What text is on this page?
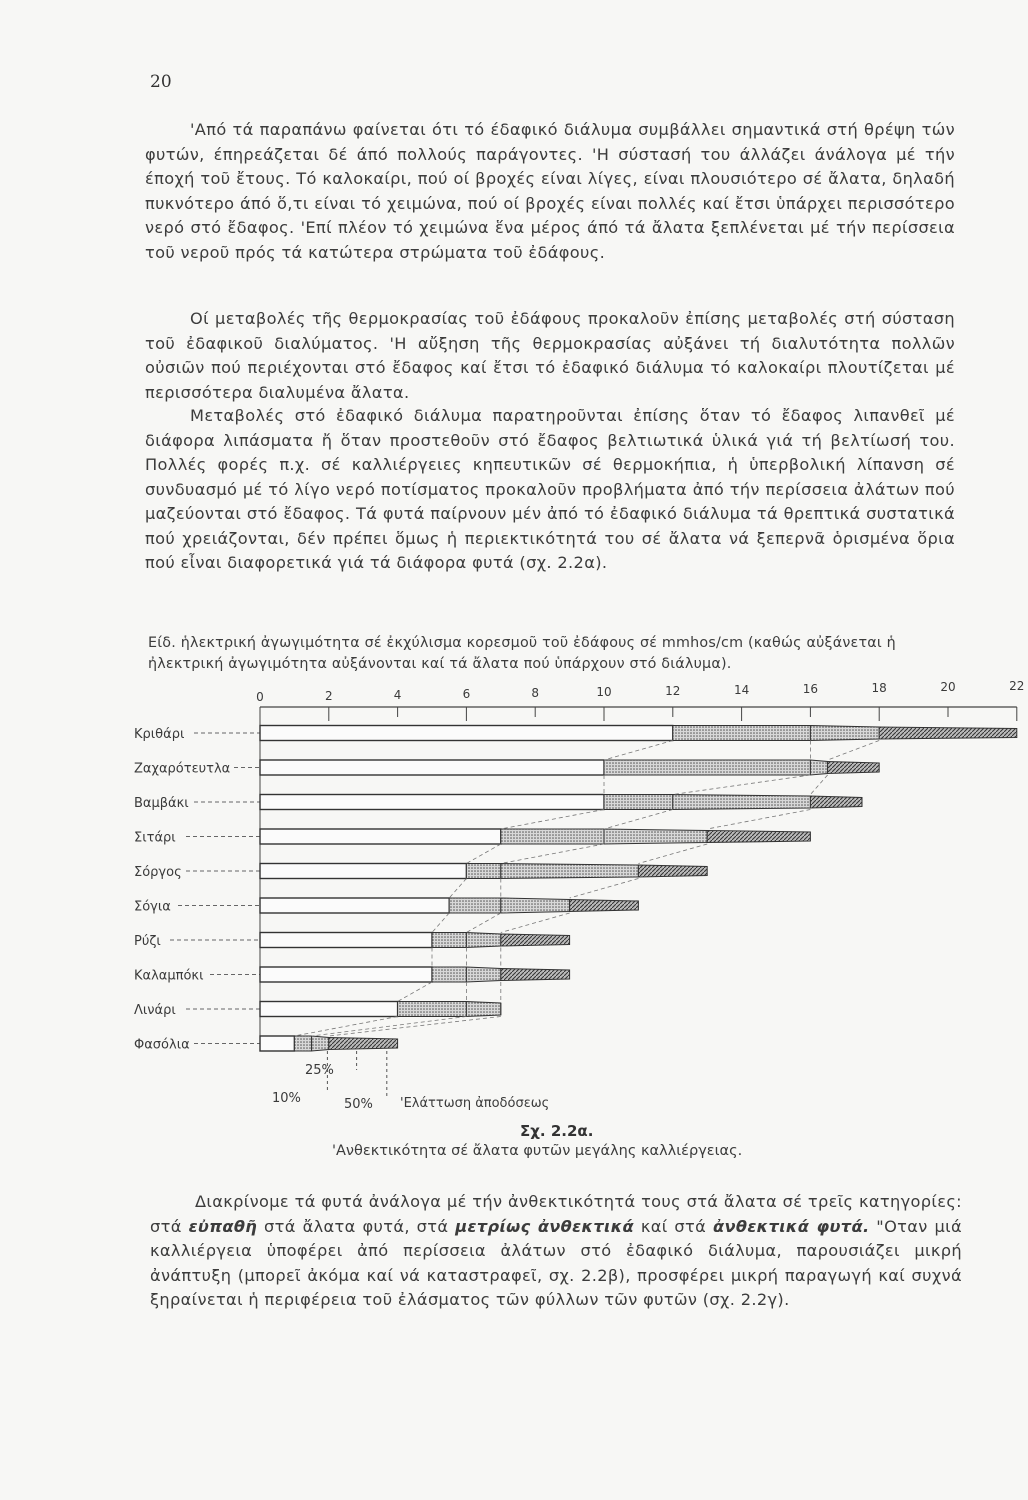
20

'Από τά παραπάνω φαίνεται ότι τό έδαφικό διάλυμα συμβάλλει σημαντικά στή θρέψη τών φυτών, έπηρεάζεται δέ άπό πολλούς παράγοντες. 'Η σύστασή του άλλάζει άνάλογα μέ τήν έποχή τοῦ ἔτους. Τό καλοκαίρι, πού οί βροχές είναι λίγες, είναι πλουσιότερο σέ ἄλατα, δηλαδή πυκνότερο άπό ὅ,τι είναι τό χειμώνα, πού οί βροχές είναι πολλές καί ἔτσι ὑπάρχει περισσότερο νερό στό ἔδαφος. 'Επί πλέον τό χειμώνα ἕνα μέρος άπό τά ἄλατα ξεπλένεται μέ τήν περίσσεια τοῦ νεροῦ πρός τά κατώτερα στρώματα τοῦ ἐδάφους.

Οί μεταβολές τῆς θερμοκρασίας τοῦ ἐδάφους προκαλοῦν ἐπίσης μεταβολές στή σύσταση τοῦ ἐδαφικοῦ διαλύματος. 'Η αὔξηση τῆς θερμοκρασίας αὐξάνει τή διαλυτότητα πολλῶν οὐσιῶν πού περιέχονται στό ἔδαφος καί ἔτσι τό ἐδαφικό διάλυμα τό καλοκαίρι πλουτίζεται μέ περισσότερα διαλυμένα ἄλατα.

Μεταβολές στό ἐδαφικό διάλυμα παρατηροῦνται ἐπίσης ὅταν τό ἔδαφος λιπανθεῖ μέ διάφορα λιπάσματα ἤ ὅταν προστεθοῦν στό ἔδαφος βελτιωτικά ὑλικά γιά τή βελτίωσή του. Πολλές φορές π.χ. σέ καλλιέργειες κηπευτικῶν σέ θερμοκήπια, ἡ ὑπερβολική λίπανση σέ συνδυασμό μέ τό λίγο νερό ποτίσματος προκαλοῦν προβλήματα ἀπό τήν περίσσεια ἀλάτων πού μαζεύονται στό ἔδαφος. Τά φυτά παίρνουν μέν ἀπό τό ἐδαφικό διάλυμα τά θρεπτικά συστατικά πού χρειάζονται, δέν πρέπει ὅμως ἡ περιεκτικότητά του σέ ἄλατα νά ξεπερνᾶ ὁρισμένα ὅρια πού εἶναι διαφορετικά γιά τά διάφορα φυτά (σχ. 2.2α).

Είδ. ἡλεκτρική ἀγωγιμότητα σέ ἐκχύλισμα κορεσμοῦ τοῦ ἐδάφους σέ mmhos/cm (καθώς αὐξάνεται ἡ ἠλεκτρική ἀγωγιμότητα αὐξάνονται καί τά ἄλατα πού ὑπάρχουν στό διάλυμα).

0	2	4	6	8	10	12	14	16	18	20	22
Κριθάρι
Ζαχαρότευτλα
Βαμβάκι
Σιτάρι
Σόργος
Σόγια
Ρύζι
Καλαμπόκι
Λινάρι
Φασόλια
25%
10%	50% 'Ελάττωση ἀποδόσεως
Σχ. 2.2α.
'Ανθεκτικότητα σέ ἄλατα φυτῶν μεγάλης καλλιέργειας.

Διακρίνομε τά φυτά ἀνάλογα μέ τήν ἀνθεκτικότητά τους στά ἄλατα σέ τρεῖς κατηγορίες: στά εὐπαθῆ στά ἄλατα φυτά, στά μετρίως ἀνθεκτικά καί στά ἀνθεκτικά φυτά. "Οταν μιά καλλιέργεια ὑποφέρει ἀπό περίσσεια ἀλάτων στό ἐδαφικό διάλυμα, παρουσιάζει μικρή ἀνάπτυξη (μπορεῖ ἀκόμα καί νά καταστραφεῖ, σχ. 2.2β), προσφέρει μικρή παραγωγή καί συχνά ξηραίνεται ἡ περιφέρεια τοῦ ἐλάσματος τῶν φύλλων τῶν φυτῶν (σχ. 2.2γ).
